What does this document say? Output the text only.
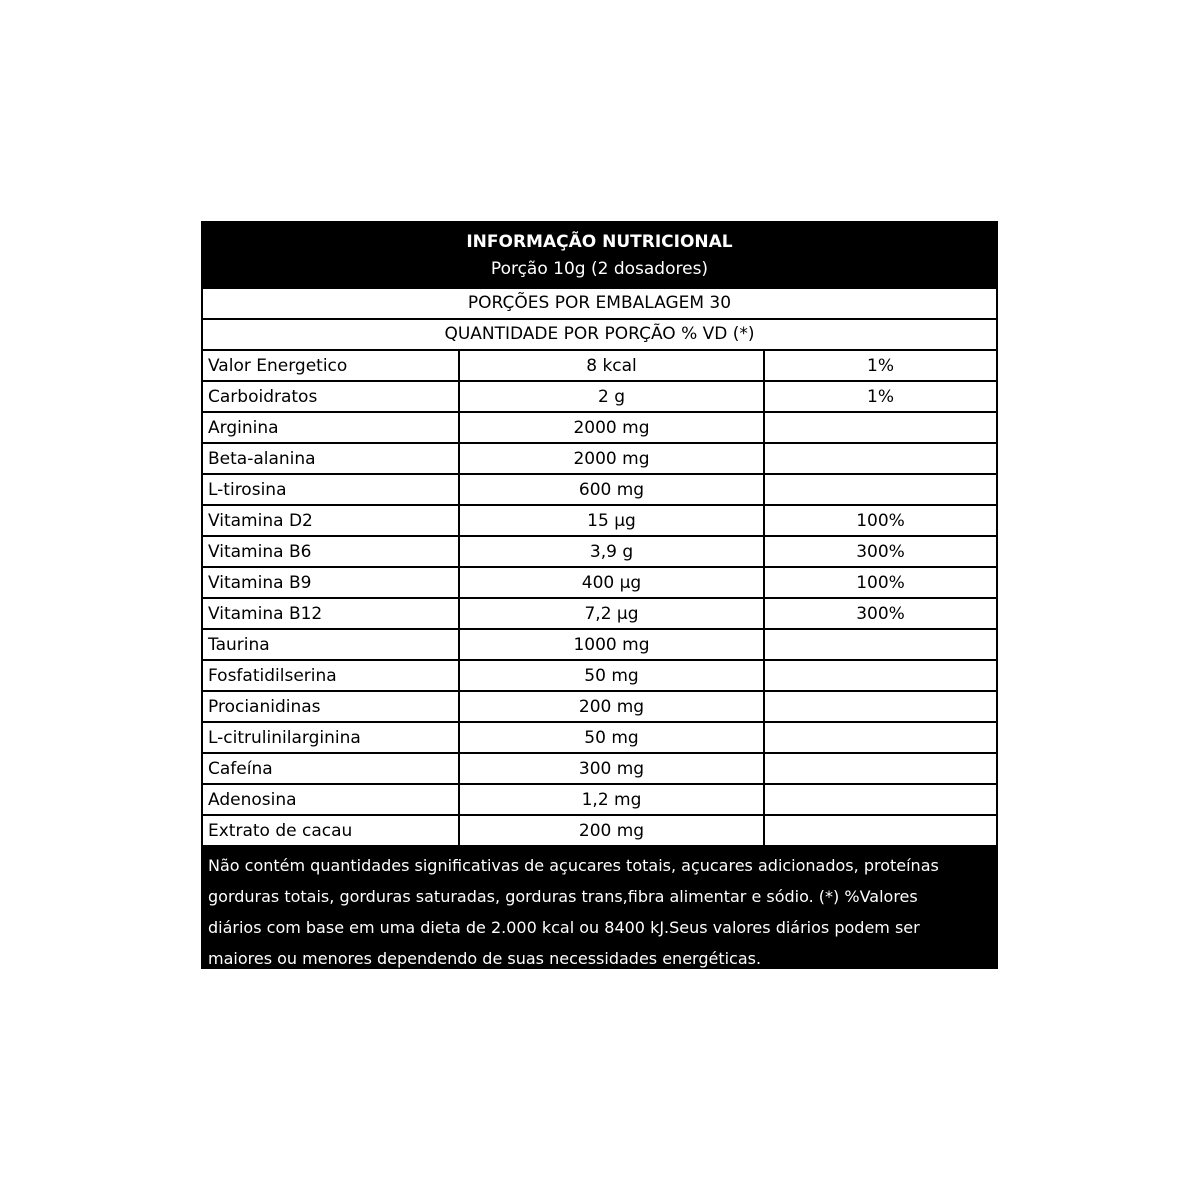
INFORMAÇÃO NUTRICIONAL
Porção 10g (2 dosadores)
PORÇÕES POR EMBALAGEM 30
QUANTIDADE POR PORÇÃO % VD (*)
Valor Energetico	8 kcal	1%
Carboidratos	2 g	1%
Arginina	2000 mg	
Beta-alanina	2000 mg	
L-tirosina	600 mg	
Vitamina D2	15 µg	100%
Vitamina B6	3,9 g	300%
Vitamina B9	400 µg	100%
Vitamina B12	7,2 µg	300%
Taurina	1000 mg	
Fosfatidilserina	50 mg	
Procianidinas	200 mg	
L-citrulinilarginina	50 mg	
Cafeína	300 mg	
Adenosina	1,2 mg	
Extrato de cacau	200 mg	
Não contém quantidades significativas de açucares totais, açucares adicionados, proteínas
gorduras totais, gorduras saturadas, gorduras trans,fibra alimentar e sódio. (*) %Valores
diários com base em uma dieta de 2.000 kcal ou 8400 kJ.Seus valores diários podem ser
maiores ou menores dependendo de suas necessidades energéticas.
